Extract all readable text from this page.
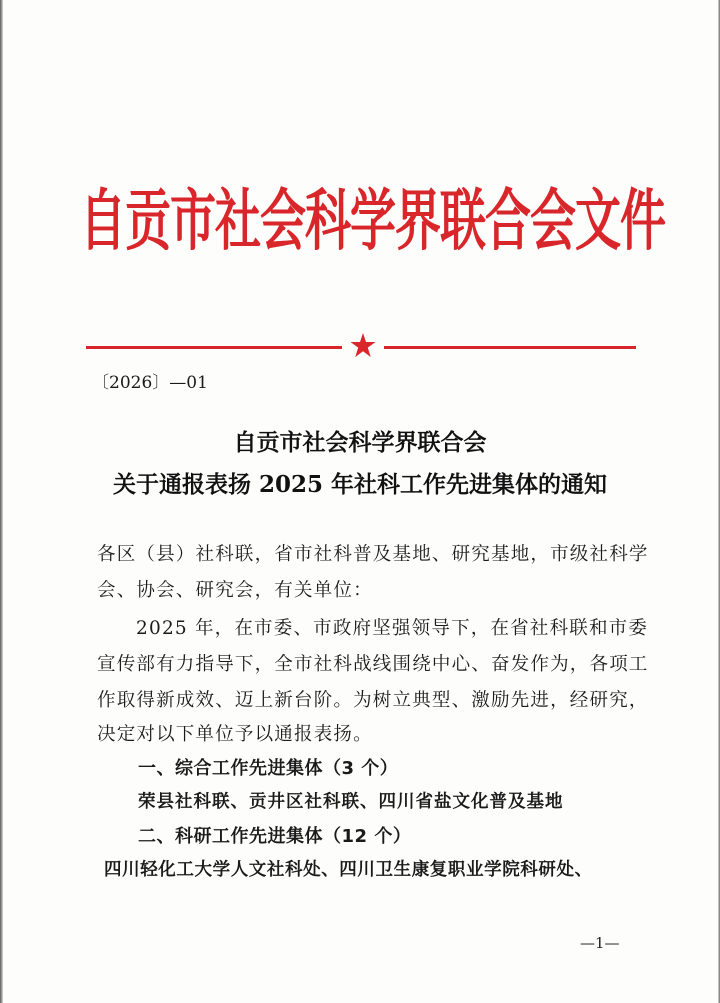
自贡市社会科学界联合会文件
〔2026〕—01
自贡市社会科学界联合会
关于通报表扬 2025 年社科工作先进集体的通知
各区（县）社科联，省市社科普及基地、研究基地，市级社科学
会、协会、研究会，有关单位：
2025 年，在市委、市政府坚强领导下，在省社科联和市委
宣传部有力指导下，全市社科战线围绕中心、奋发作为，各项工
作取得新成效、迈上新台阶。为树立典型、激励先进，经研究，
决定对以下单位予以通报表扬。
一、综合工作先进集体（3 个）
荣县社科联、贡井区社科联、四川省盐文化普及基地
二、科研工作先进集体（12 个）
四川轻化工大学人文社科处、四川卫生康复职业学院科研处、
—1—
